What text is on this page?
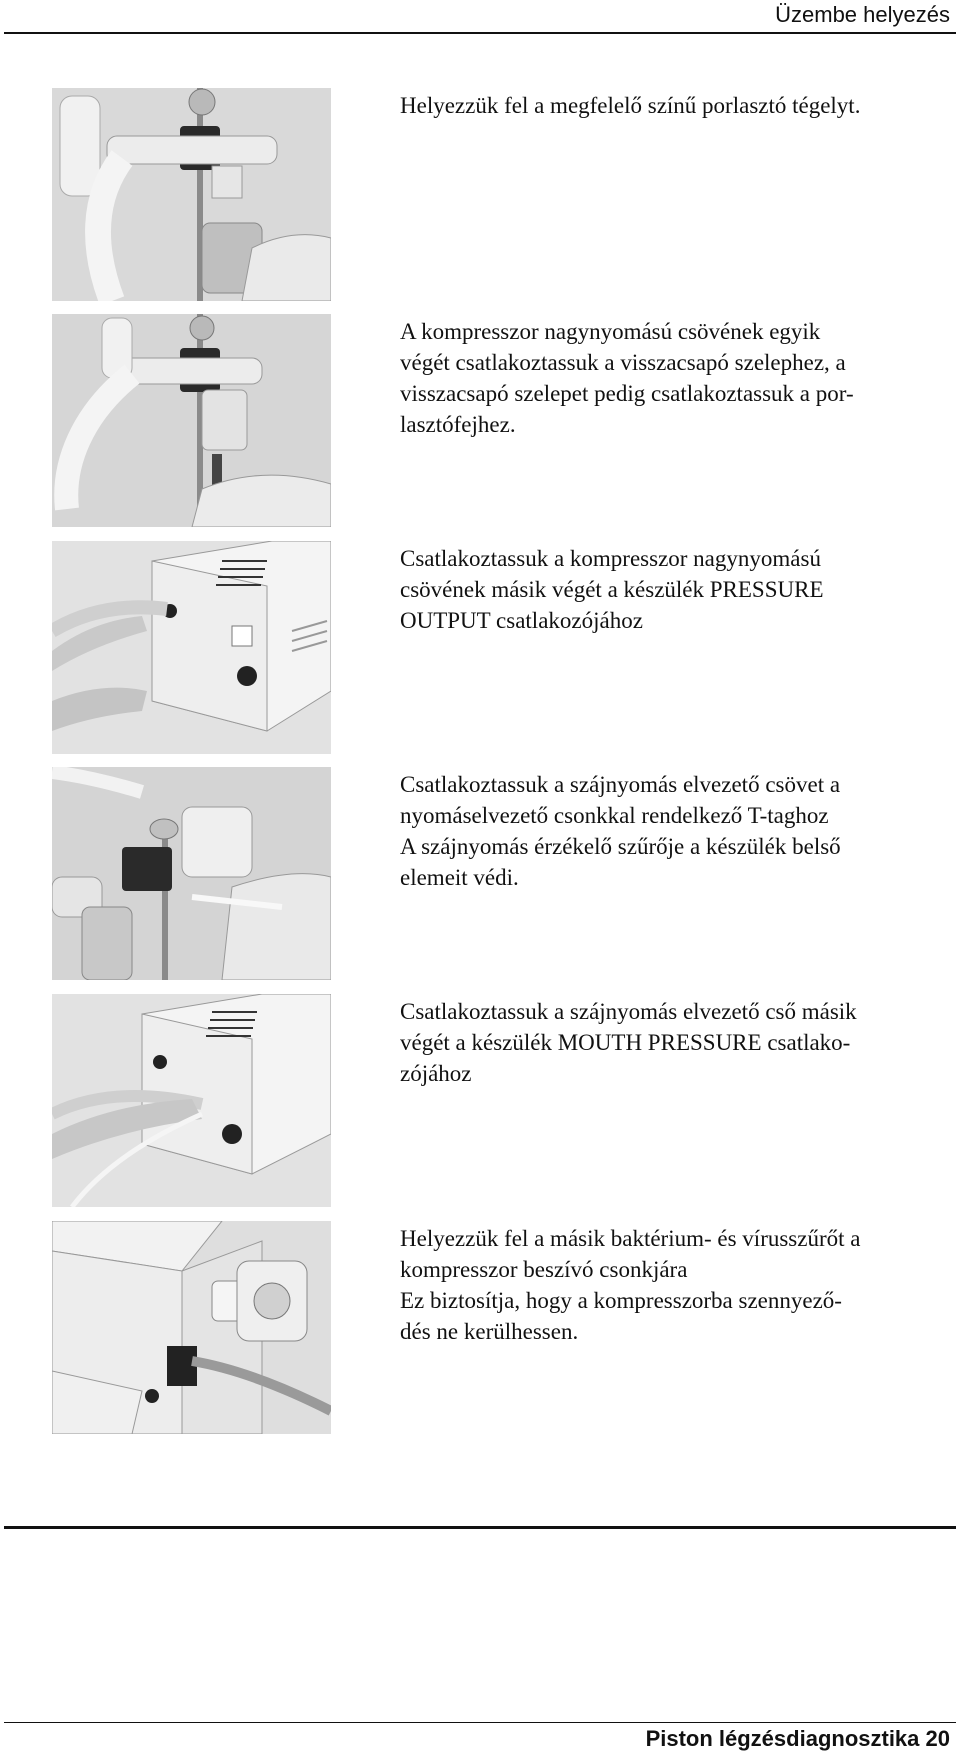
Üzembe helyezés
Helyezzük fel a megfelelő színű porlasztó tégelyt.
A kompresszor nagynyomású csövének egyik
végét csatlakoztassuk a visszacsapó szelephez, a
visszacsapó szelepet pedig csatlakoztassuk a por-
lasztófejhez.
Csatlakoztassuk a kompresszor nagynyomású
csövének másik végét a készülék PRESSURE
OUTPUT csatlakozójához
Csatlakoztassuk a szájnyomás elvezető csövet a
nyomáselvezető csonkkal rendelkező T-taghoz
A szájnyomás érzékelő szűrője a készülék belső
elemeit védi.
Csatlakoztassuk a szájnyomás elvezető cső másik
végét a készülék MOUTH PRESSURE csatlako-
zójához
Helyezzük fel a másik baktérium- és vírusszűrőt a
kompresszor beszívó csonkjára
Ez biztosítja, hogy a kompresszorba szennyező-
dés ne kerülhessen.
Piston légzésdiagnosztika 20
